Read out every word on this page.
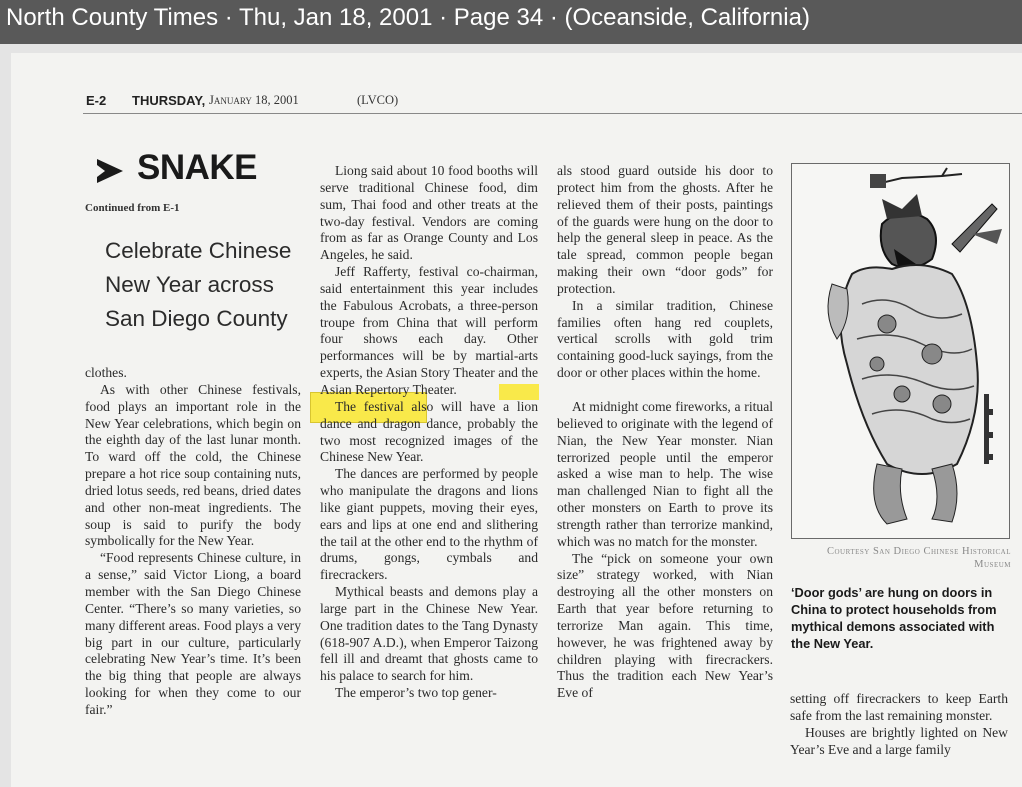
North County Times · Thu, Jan 18, 2001 · Page 34 · (Oceanside, California)
E-2 THURSDAY, January 18, 2001	(LVCO)
SNAKE
Continued from E-1
Celebrate Chinese New Year across San Diego County

clothes.

As with other Chinese festivals, food plays an important role in the New Year celebrations, which begin on the eighth day of the last lunar month. To ward off the cold, the Chinese prepare a hot rice soup containing nuts, dried lotus seeds, red beans, dried dates and other non-meat ingredients. The soup is said to purify the body symbolically for the New Year.

“Food represents Chinese culture, in a sense,” said Victor Liong, a board member with the San Diego Chinese Center. “There’s so many varieties, so many different areas. Food plays a very big part in our culture, particularly celebrating New Year’s time. It’s been the big thing that people are always looking for when they come to our fair.”

Liong said about 10 food booths will serve traditional Chinese food, dim sum, Thai food and other treats at the two-day festival. Vendors are coming from as far as Orange County and Los Angeles, he said.

Jeff Rafferty, festival co-chairman, said entertainment this year includes the Fabulous Acrobats, a three-person troupe from China that will perform four shows each day. Other performances will be by martial-arts experts, the Asian Story Theater and the Asian Repertory Theater.

The festival also will have a lion dance and dragon dance, probably the two most recognized images of the Chinese New Year.

The dances are performed by people who manipulate the dragons and lions like giant puppets, moving their eyes, ears and lips at one end and slithering the tail at the other end to the rhythm of drums, gongs, cymbals and firecrackers.

Mythical beasts and demons play a large part in the Chinese New Year. One tradition dates to the Tang Dynasty (618-907 A.D.), when Emperor Taizong fell ill and dreamt that ghosts came to his palace to search for him.

The emperor’s two top gener-

als stood guard outside his door to protect him from the ghosts. After he relieved them of their posts, paintings of the guards were hung on the door to help the general sleep in peace. As the tale spread, common people began making their own “door gods” for protection.

In a similar tradition, Chinese families often hang red couplets, vertical scrolls with gold trim containing good-luck sayings, from the door or other places within the home.

At midnight come fireworks, a ritual believed to originate with the legend of Nian, the New Year monster. Nian terrorized people until the emperor asked a wise man to help. The wise man challenged Nian to fight all the other monsters on Earth to prove its strength rather than terrorize mankind, which was no match for the monster.

The “pick on someone your own size” strategy worked, with Nian destroying all the other monsters on Earth that year before returning to terrorize Man again. This time, however, he was frightened away by children playing with firecrackers. Thus the tradition each New Year’s Eve of

Courtesy San Diego Chinese Historical Museum
‘Door gods’ are hung on doors in China to protect households from mythical demons associated with the New Year.

setting off firecrackers to keep Earth safe from the last remaining monster.

Houses are brightly lighted on New Year’s Eve and a large family
